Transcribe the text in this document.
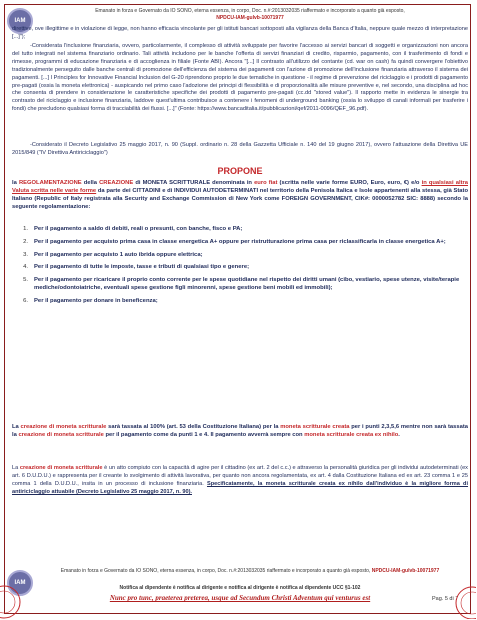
IAM
Emanato in forza e Governato da IO SONO, eterna essenza, in corpo, Doc. n.#:2013032035 riaffermato e incorporato a quanto già esposto,
NPDCU-IAM-gulvb-10071977
direttive, ove illegittime e in violazione di legge, non hanno efficacia vincolante per gli istituti bancari sottoposti alla vigilanza della Banca d'Italia, neppure quale mezzo di interpretazione [...]");
-Considerata l'inclusione finanziaria, ovvero, particolarmente, il complesso di attività sviluppate per favorire l'accesso ai servizi bancari di soggetti e organizzazioni non ancora del tutto integrati nel sistema finanziario ordinario. Tali attività includono per le banche l'offerta di servizi finanziari di credito, risparmio, pagamento, con il trasferimento di fondi e rimesse, programmi di educazione finanziaria e di accoglienza in filiale (Fonte ABI). Ancora "[...] Il contrasto all'utilizzo del contante (cd. war on cash) fa quindi convergere l'obiettivo tradizionalmente perseguito dalle banche centrali di promozione dell'efficienza del sistema dei pagamenti con l'azione di promozione dell'inclusione finanziaria attraverso il sistema dei pagamenti. [...] I Principles for Innovative Financial Inclusion del G-20 riprendono proprio le due tematiche in questione - il regime di prevenzione del riciclaggio e i prodotti di pagamento pre-pagati (ossia la moneta elettronica) - auspicando nel primo caso l'adozione dei principi di flessibilità e di proporzionalità alle misure preventive e, nel secondo, una disciplina ad hoc che consenta di prendere in considerazione le caratteristiche specifiche dei prodotti di pagamento pre-pagati (cc.dd "stored value"). Il rapporto mette in evidenza le sinergie tra contrasto del riciclaggio e inclusione finanziaria, laddove quest'ultima contribuisce a contenere i fenomeni di underground banking (ossia lo sviluppo di canali informali per trasferire i fondi) che precludono qualsiasi forma di tracciabilità dei flussi. [...]" (Fonte: https://www.bancaditalia.it/pubblicazioni/qef/2011-0096/QEF_96.pdf).
-Considerato il Decreto Legislativo 25 maggio 2017, n. 90 (Suppl. ordinario n. 28 della Gazzetta Ufficiale n. 140 del 19 giugno 2017), ovvero l'attuazione della Direttiva UE 2015/849 ("IV Direttiva Antiriciclaggio")
PROPONE
la REGOLAMENTAZIONE della CREAZIONE di MONETA SCRITTURALE denominata in euro fiat (scritta nelle varie forme EURO, Euro, euro, €) e/o in qualsiasi altra Valuta scritta nelle varie forme da parte dei CITTADINI e di INDIVIDUI AUTODETERMINATI nel territorio della Penisola Italica e Isole appartenenti alla stessa, già Stato Italiano (Republic of Italy registrata alla Security and Exchange Commission di New York come FOREIGN GOVERNMENT, CIK#: 0000052782 SIC: 8888) secondo la seguente regolamentazione:
1.	Per il pagamento a saldo di debiti, reali o presunti, con banche, fisco e PA;
2.	Per il pagamento per acquisto prima casa in classe energetica A+ oppure per ristrutturazione prima casa per riclassificarla in classe energetica A+;
3.	Per il pagamento per acquisto 1 auto ibrida oppure elettrica;
4.	Per il pagamento di tutte le imposte, tasse e tributi di qualsiasi tipo e genere;
5.	Per il pagamento per ricaricare il proprio conto corrente per le spese quotidiane nel rispetto dei diritti umani (cibo, vestiario, spese utenze, visite/terapie mediche/odontoiatriche, eventuali spese gestione figli minorenni, spese gestione beni mobili ed immobili);
6.	Per il pagamento per donare in beneficenza;
La creazione di moneta scritturale sarà tassata al 100% (art. 53 della Costituzione Italiana) per la moneta scritturale creata per i punti 2,3,5,6 mentre non sarà tassata la creazione di moneta scritturale per il pagamento come da punti 1 e 4. Il pagamento avverrà sempre con moneta scritturale creata ex nihilo.
La creazione di moneta scritturale è un atto compiuto con la capacità di agire per il cittadino (ex art. 2 del c.c.) e attraverso la personalità giuridica per gli individui autodeterminati (ex art. 6 D.U.D.U.) e rappresenta per il creante lo svolgimento di attività lavorativa, per quanto non ancora regolamentata, ex art. 4 dalla Costituzione Italiana ed ex art. 23 comma 1 e 25 comma 1 della D.U.D.U., insita in un processo di inclusione finanziaria. Specificatamente, la moneta scritturale creata ex nihilo dall'individuo è la migliore forma di antiriciclaggio attuabile (Decreto Legislativo 25 maggio 2017, n. 90).
IAM
Emanato in forza e Governato da IO SONO, eterna essenza, in corpo, Doc. n.#:2013032035 riaffermato e incorporato a quanto già esposto, NPDCU-IAM-gulvb-10071977
Notifica al dipendente è notifica al dirigente e notifica al dirigente è notifica al dipendente UCC §1-102
Nunc pro tunc, praeterea preterea, usque ad Secundum Christi Adventum qui venturus est	Pag. 5 di 7
